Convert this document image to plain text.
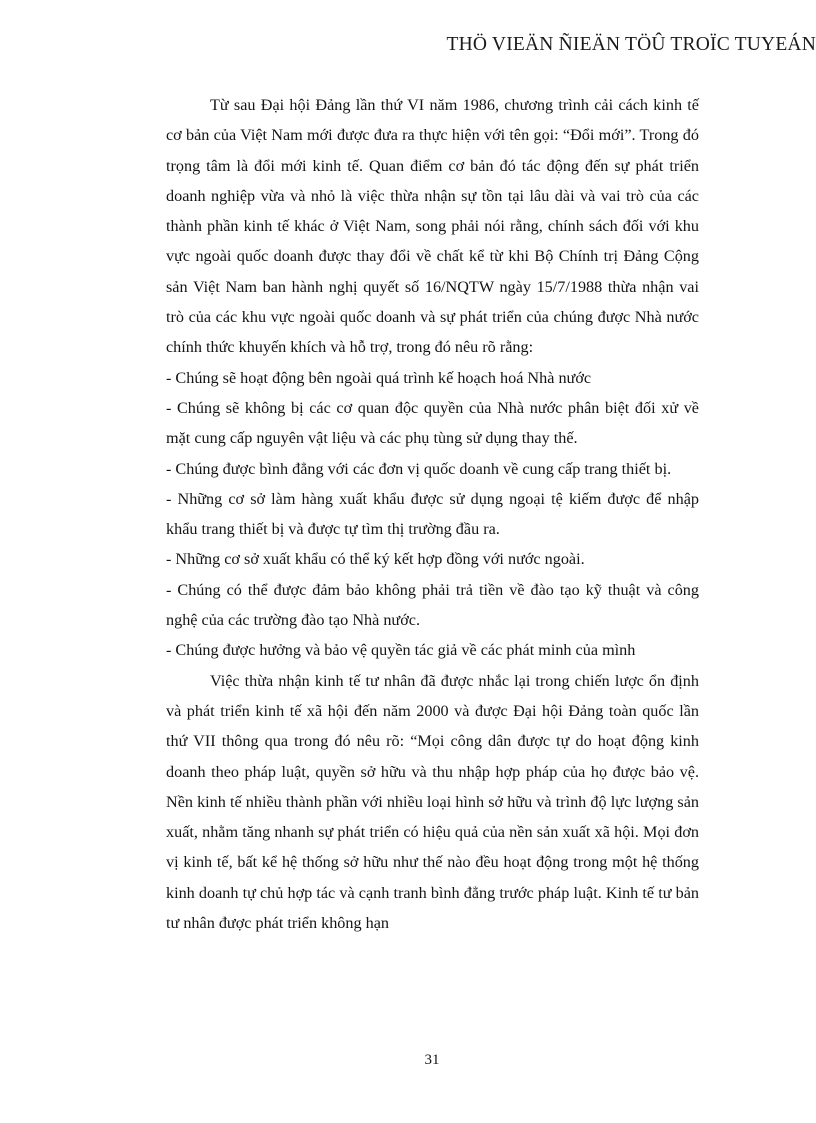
THÖ VIEÄN ÑIEÄN TÖÛ TROÏC TUYEÁN

Từ sau Đại hội Đảng lần thứ VI năm 1986, chương trình cải cách kinh tế cơ bản của Việt Nam mới được đưa ra thực hiện với tên gọi: “Đổi mới”. Trong đó trọng tâm là đổi mới kinh tế. Quan điểm cơ bản đó tác động đến sự phát triển doanh nghiệp vừa và nhỏ là việc thừa nhận sự tồn tại lâu dài và vai trò của các thành phần kinh tế khác ở Việt Nam, song phải nói rằng, chính sách đối với khu vực ngoài quốc doanh được thay đổi về chất kể từ khi Bộ Chính trị Đảng Cộng sản Việt Nam ban hành nghị quyết số 16/NQTW ngày 15/7/1988 thừa nhận vai trò của các khu vực ngoài quốc doanh và sự phát triển của chúng được Nhà nước chính thức khuyến khích và hỗ trợ, trong đó nêu rõ rằng:

- Chúng sẽ hoạt động bên ngoài quá trình kế hoạch hoá Nhà nước

- Chúng sẽ không bị các cơ quan độc quyền của Nhà nước phân biệt đối xử về mặt cung cấp nguyên vật liệu và các phụ tùng sử dụng thay thế.

- Chúng được bình đẳng với các đơn vị quốc doanh về cung cấp trang thiết bị.

- Những cơ sở làm hàng xuất khẩu được sử dụng ngoại tệ kiếm được để nhập khẩu trang thiết bị và được tự tìm thị trường đầu ra.

- Những cơ sở xuất khẩu có thể ký kết hợp đồng với nước ngoài.

- Chúng có thể được đảm bảo không phải trả tiền về đào tạo kỹ thuật và công nghệ của các trường đào tạo Nhà nước.

- Chúng được hưởng và bảo vệ quyền tác giả về các phát minh của mình

Việc thừa nhận kinh tế tư nhân đã được nhắc lại trong chiến lược ổn định và phát triển kinh tế xã hội đến năm 2000 và được Đại hội Đảng toàn quốc lần thứ VII thông qua trong đó nêu rõ: “Mọi công dân được tự do hoạt động kinh doanh theo pháp luật, quyền sở hữu và thu nhập hợp pháp của họ được bảo vệ. Nền kinh tế nhiều thành phần với nhiều loại hình sở hữu và trình độ lực lượng sản xuất, nhằm tăng nhanh sự phát triển có hiệu quả của nền sản xuất xã hội. Mọi đơn vị kinh tế, bất kể hệ thống sở hữu như thế nào đều hoạt động trong một hệ thống kinh doanh tự chủ hợp tác và cạnh tranh bình đẳng trước pháp luật. Kinh tế tư bản tư nhân được phát triển không hạn

31
